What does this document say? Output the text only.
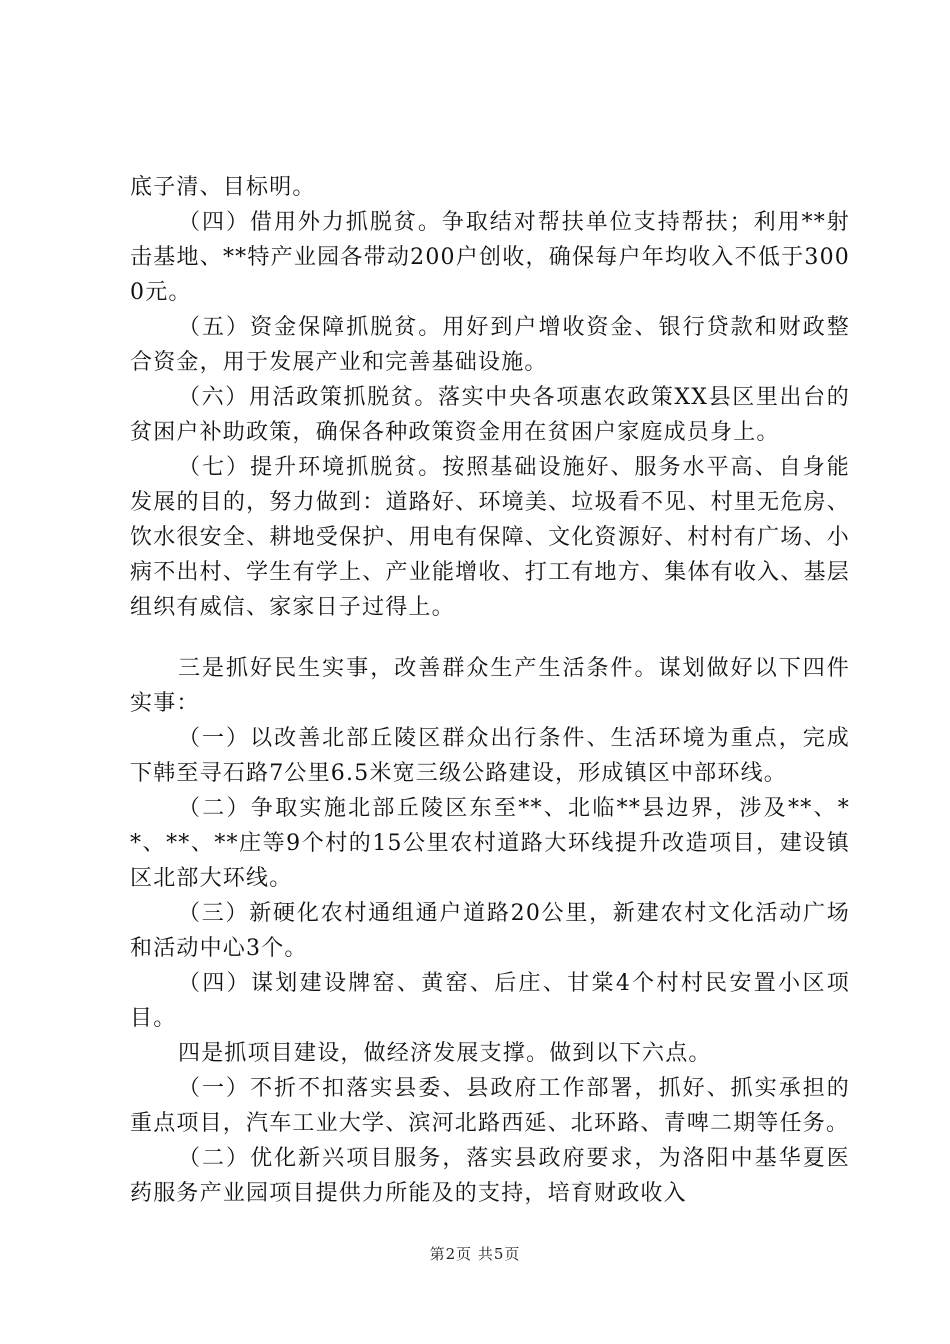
底子清、目标明。

（四）借用外力抓脱贫。争取结对帮扶单位支持帮扶；利用**射击基地、**特产业园各带动200户创收，确保每户年均收入不低于3000元。

（五）资金保障抓脱贫。用好到户增收资金、银行贷款和财政整合资金，用于发展产业和完善基础设施。

（六）用活政策抓脱贫。落实中央各项惠农政策XX县区里出台的贫困户补助政策，确保各种政策资金用在贫困户家庭成员身上。

（七）提升环境抓脱贫。按照基础设施好、服务水平高、自身能发展的目的，努力做到：道路好、环境美、垃圾看不见、村里无危房、饮水很安全、耕地受保护、用电有保障、文化资源好、村村有广场、小病不出村、学生有学上、产业能增收、打工有地方、集体有收入、基层组织有威信、家家日子过得上。

三是抓好民生实事，改善群众生产生活条件。谋划做好以下四件实事：

（一）以改善北部丘陵区群众出行条件、生活环境为重点，完成下韩至寻石路7公里6.5米宽三级公路建设，形成镇区中部环线。

（二）争取实施北部丘陵区东至**、北临**县边界，涉及**、**、**、**庄等9个村的15公里农村道路大环线提升改造项目，建设镇区北部大环线。

（三）新硬化农村通组通户道路20公里，新建农村文化活动广场和活动中心3个。

（四）谋划建设牌窑、黄窑、后庄、甘棠4个村村民安置小区项目。

四是抓项目建设，做经济发展支撑。做到以下六点。

（一）不折不扣落实县委、县政府工作部署，抓好、抓实承担的重点项目，汽车工业大学、滨河北路西延、北环路、青啤二期等任务。

（二）优化新兴项目服务，落实县政府要求，为洛阳中基华夏医药服务产业园项目提供力所能及的支持，培育财政收入

第2页 共5页
